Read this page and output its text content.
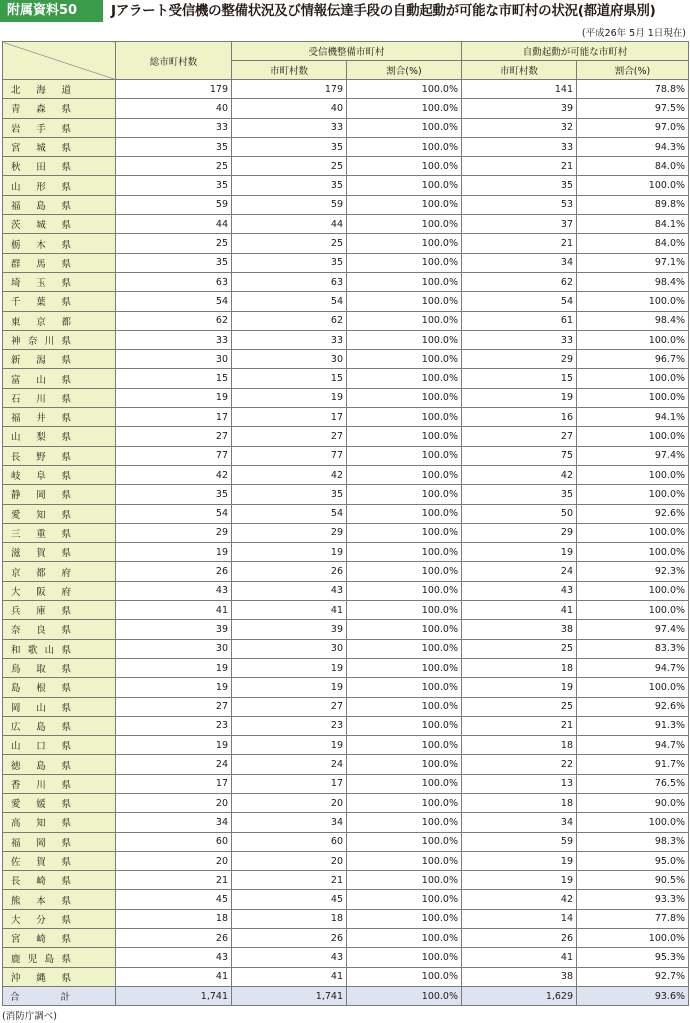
附属資料50	Jアラート受信機の整備状況及び情報伝達手段の自動起動が可能な市町村の状況(都道府県別)
(平成26年 5月 1日現在)
	総市町村数	受信機整備市町村		自動起動が可能な市町村	
		市町村数	割合(%)	市町村数	割合(%)

北 海 道	179	179	100.0%	141	78.8%

青 森 県	40	40	100.0%	39	97.5%

岩 手 県	33	33	100.0%	32	97.0%

宮 城 県	35	35	100.0%	33	94.3%

秋 田 県	25	25	100.0%	21	84.0%

山 形 県	35	35	100.0%	35	100.0%

福 島 県	59	59	100.0%	53	89.8%

茨 城 県	44	44	100.0%	37	84.1%

栃 木 県	25	25	100.0%	21	84.0%

群 馬 県	35	35	100.0%	34	97.1%

埼 玉 県	63	63	100.0%	62	98.4%

千 葉 県	54	54	100.0%	54	100.0%

東 京 都	62	62	100.0%	61	98.4%

神 奈 川 県	33	33	100.0%	33	100.0%

新 潟 県	30	30	100.0%	29	96.7%

富 山 県	15	15	100.0%	15	100.0%

石 川 県	19	19	100.0%	19	100.0%

福 井 県	17	17	100.0%	16	94.1%

山 梨 県	27	27	100.0%	27	100.0%

長 野 県	77	77	100.0%	75	97.4%

岐 阜 県	42	42	100.0%	42	100.0%

静 岡 県	35	35	100.0%	35	100.0%

愛 知 県	54	54	100.0%	50	92.6%

三 重 県	29	29	100.0%	29	100.0%

滋 賀 県	19	19	100.0%	19	100.0%

京 都 府	26	26	100.0%	24	92.3%

大 阪 府	43	43	100.0%	43	100.0%

兵 庫 県	41	41	100.0%	41	100.0%

奈 良 県	39	39	100.0%	38	97.4%

和 歌 山 県	30	30	100.0%	25	83.3%

鳥 取 県	19	19	100.0%	18	94.7%

島 根 県	19	19	100.0%	19	100.0%

岡 山 県	27	27	100.0%	25	92.6%

広 島 県	23	23	100.0%	21	91.3%

山 口 県	19	19	100.0%	18	94.7%

徳 島 県	24	24	100.0%	22	91.7%

香 川 県	17	17	100.0%	13	76.5%

愛 媛 県	20	20	100.0%	18	90.0%

高 知 県	34	34	100.0%	34	100.0%

福 岡 県	60	60	100.0%	59	98.3%

佐 賀 県	20	20	100.0%	19	95.0%

長 崎 県	21	21	100.0%	19	90.5%

熊 本 県	45	45	100.0%	42	93.3%

大 分 県	18	18	100.0%	14	77.8%

宮 崎 県	26	26	100.0%	26	100.0%

鹿 児 島 県	43	43	100.0%	41	95.3%

沖 縄 県	41	41	100.0%	38	92.7%

合 計	1,741	1,741	100.0%	1,629	93.6%
(消防庁調べ)
